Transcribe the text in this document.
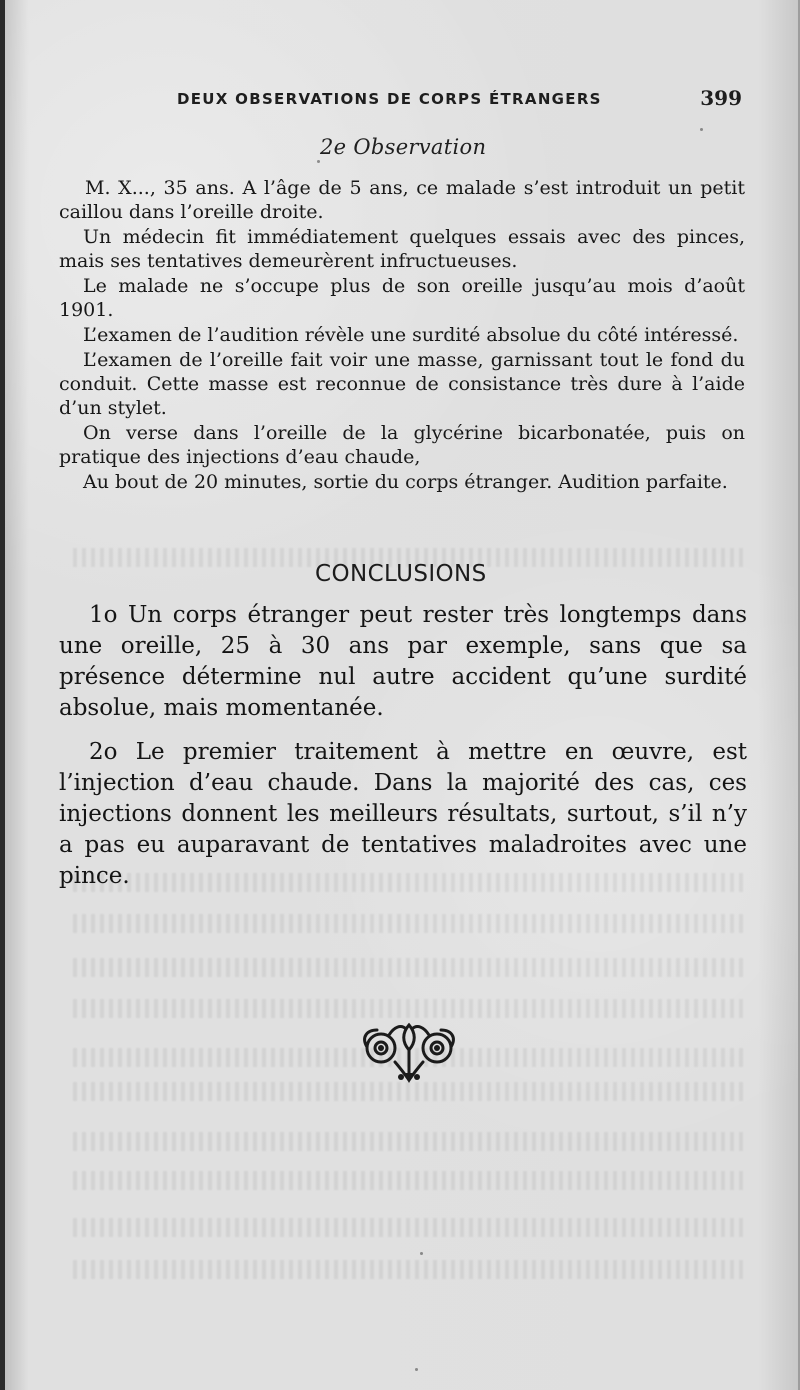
DEUX OBSERVATIONS DE CORPS ÉTRANGERS	399
2e Observation

M. X..., 35 ans. A l’âge de 5 ans, ce malade s’est introduit un petit caillou dans l’oreille droite.

Un médecin fit immédiatement quelques essais avec des pinces, mais ses tentatives demeurèrent infructueuses.

Le malade ne s’occupe plus de son oreille jusqu’au mois d’août 1901.

L’examen de l’audition révèle une surdité absolue du côté intéressé.

L’examen de l’oreille fait voir une masse, garnissant tout le fond du conduit. Cette masse est reconnue de consistance très dure à l’aide d’un stylet.

On verse dans l’oreille de la glycérine bicarbonatée, puis on pratique des injections d’eau chaude,

Au bout de 20 minutes, sortie du corps étranger. Audition parfaite.

CONCLUSIONS

1o Un corps étranger peut rester très longtemps dans une oreille, 25 à 30 ans par exemple, sans que sa présence détermine nul autre accident qu’une surdité absolue, mais momentanée.

2o Le premier traitement à mettre en œuvre, est l’injection d’eau chaude. Dans la majorité des cas, ces injections donnent les meilleurs résultats, surtout, s’il n’y a pas eu auparavant de tentatives maladroites avec une pince.
